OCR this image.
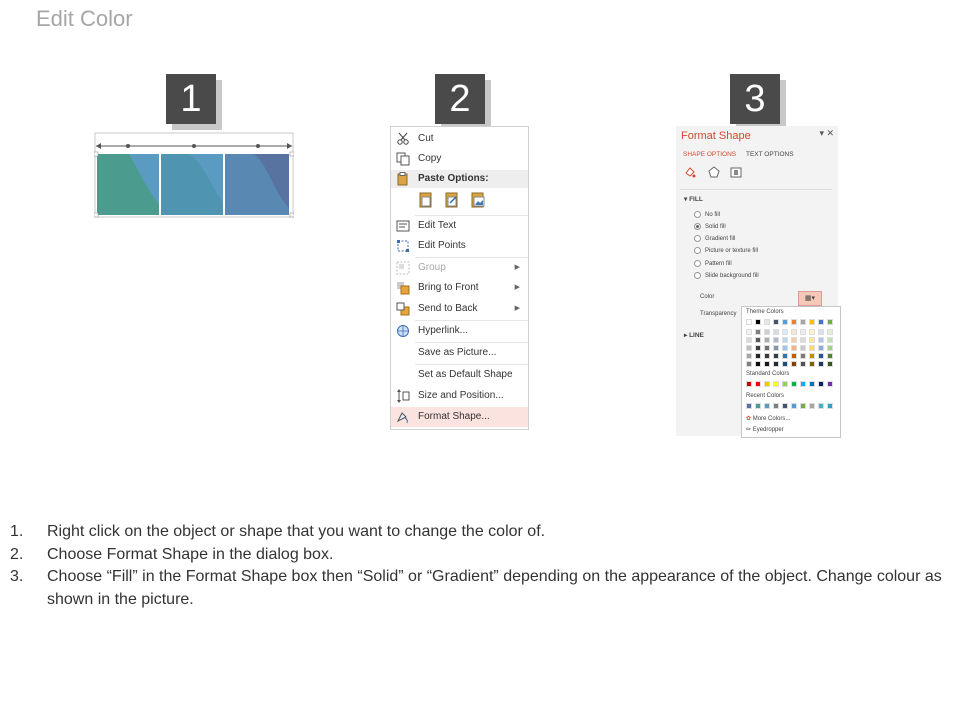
Edit Color
1	2	3
Cut
Copy
Paste Options:
Edit Text
Edit Points
Group	▶
Bring to Front	▶
Send to Back	▶
Hyperlink...
Save as Picture...
Set as Default Shape
Size and Position...
Format Shape...
Format Shape	▾ ✕
SHAPE OPTIONS TEXT OPTIONS
▾ FILL
No fill
Solid fill
Gradient fill
Picture or texture fill
Pattern fill
Slide background fill
Color	▦▾
Transparency
▸ LINE
Theme Colors
Standard Colors
Recent Colors
✿ More Colors...
✏ Eyedropper
1. Right click on the object or shape that you want to change the color of.
2. Choose Format Shape in the dialog box.
3. Choose “Fill” in the Format Shape box then “Solid” or “Gradient” depending on the appearance of the object. Change colour as shown in the picture.
